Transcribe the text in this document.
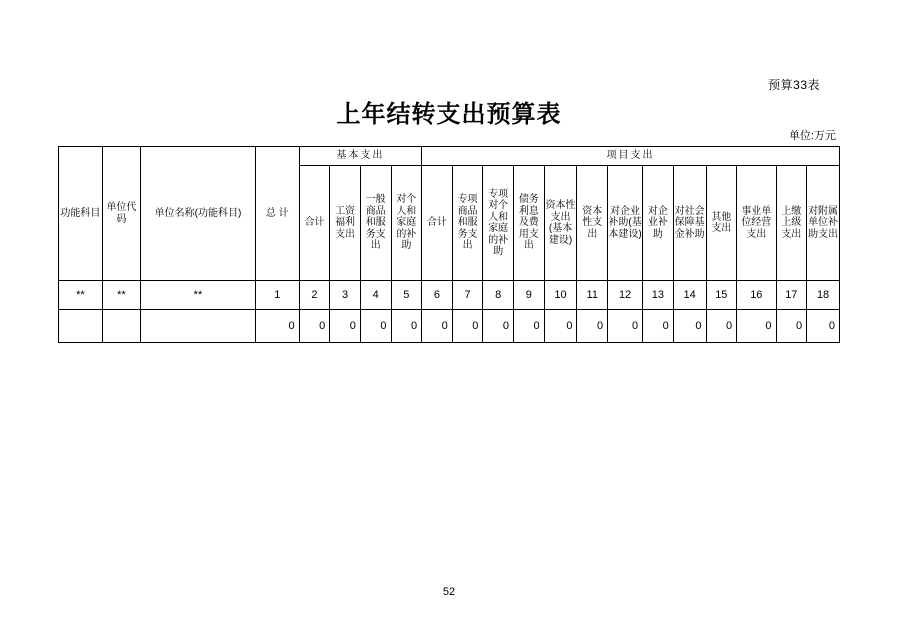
预算33表
上年结转支出预算表
单位:万元
功能科目	单位代码	单位名称(功能科目)	总 计	基本支出				项目支出												
				合计	工资福利支出	一般商品和服务支出	对个人和家庭的补助	合计	专项商品和服务支出	专项对个人和家庭的补助	债务利息及费用支出	资本性支出(基本建设)	资本性支出	对企业补助(基本建设)	对企业补助	对社会保障基金补助	其他支出	事业单位经营支出	上缴上级支出	对附属单位补助支出
**	**	**	1	2	3	4	5	6	7	8	9	10	11	12	13	14	15	16	17	18
			0	0	0	0	0	0	0	0	0	0	0	0	0	0	0	0	0	0
52
